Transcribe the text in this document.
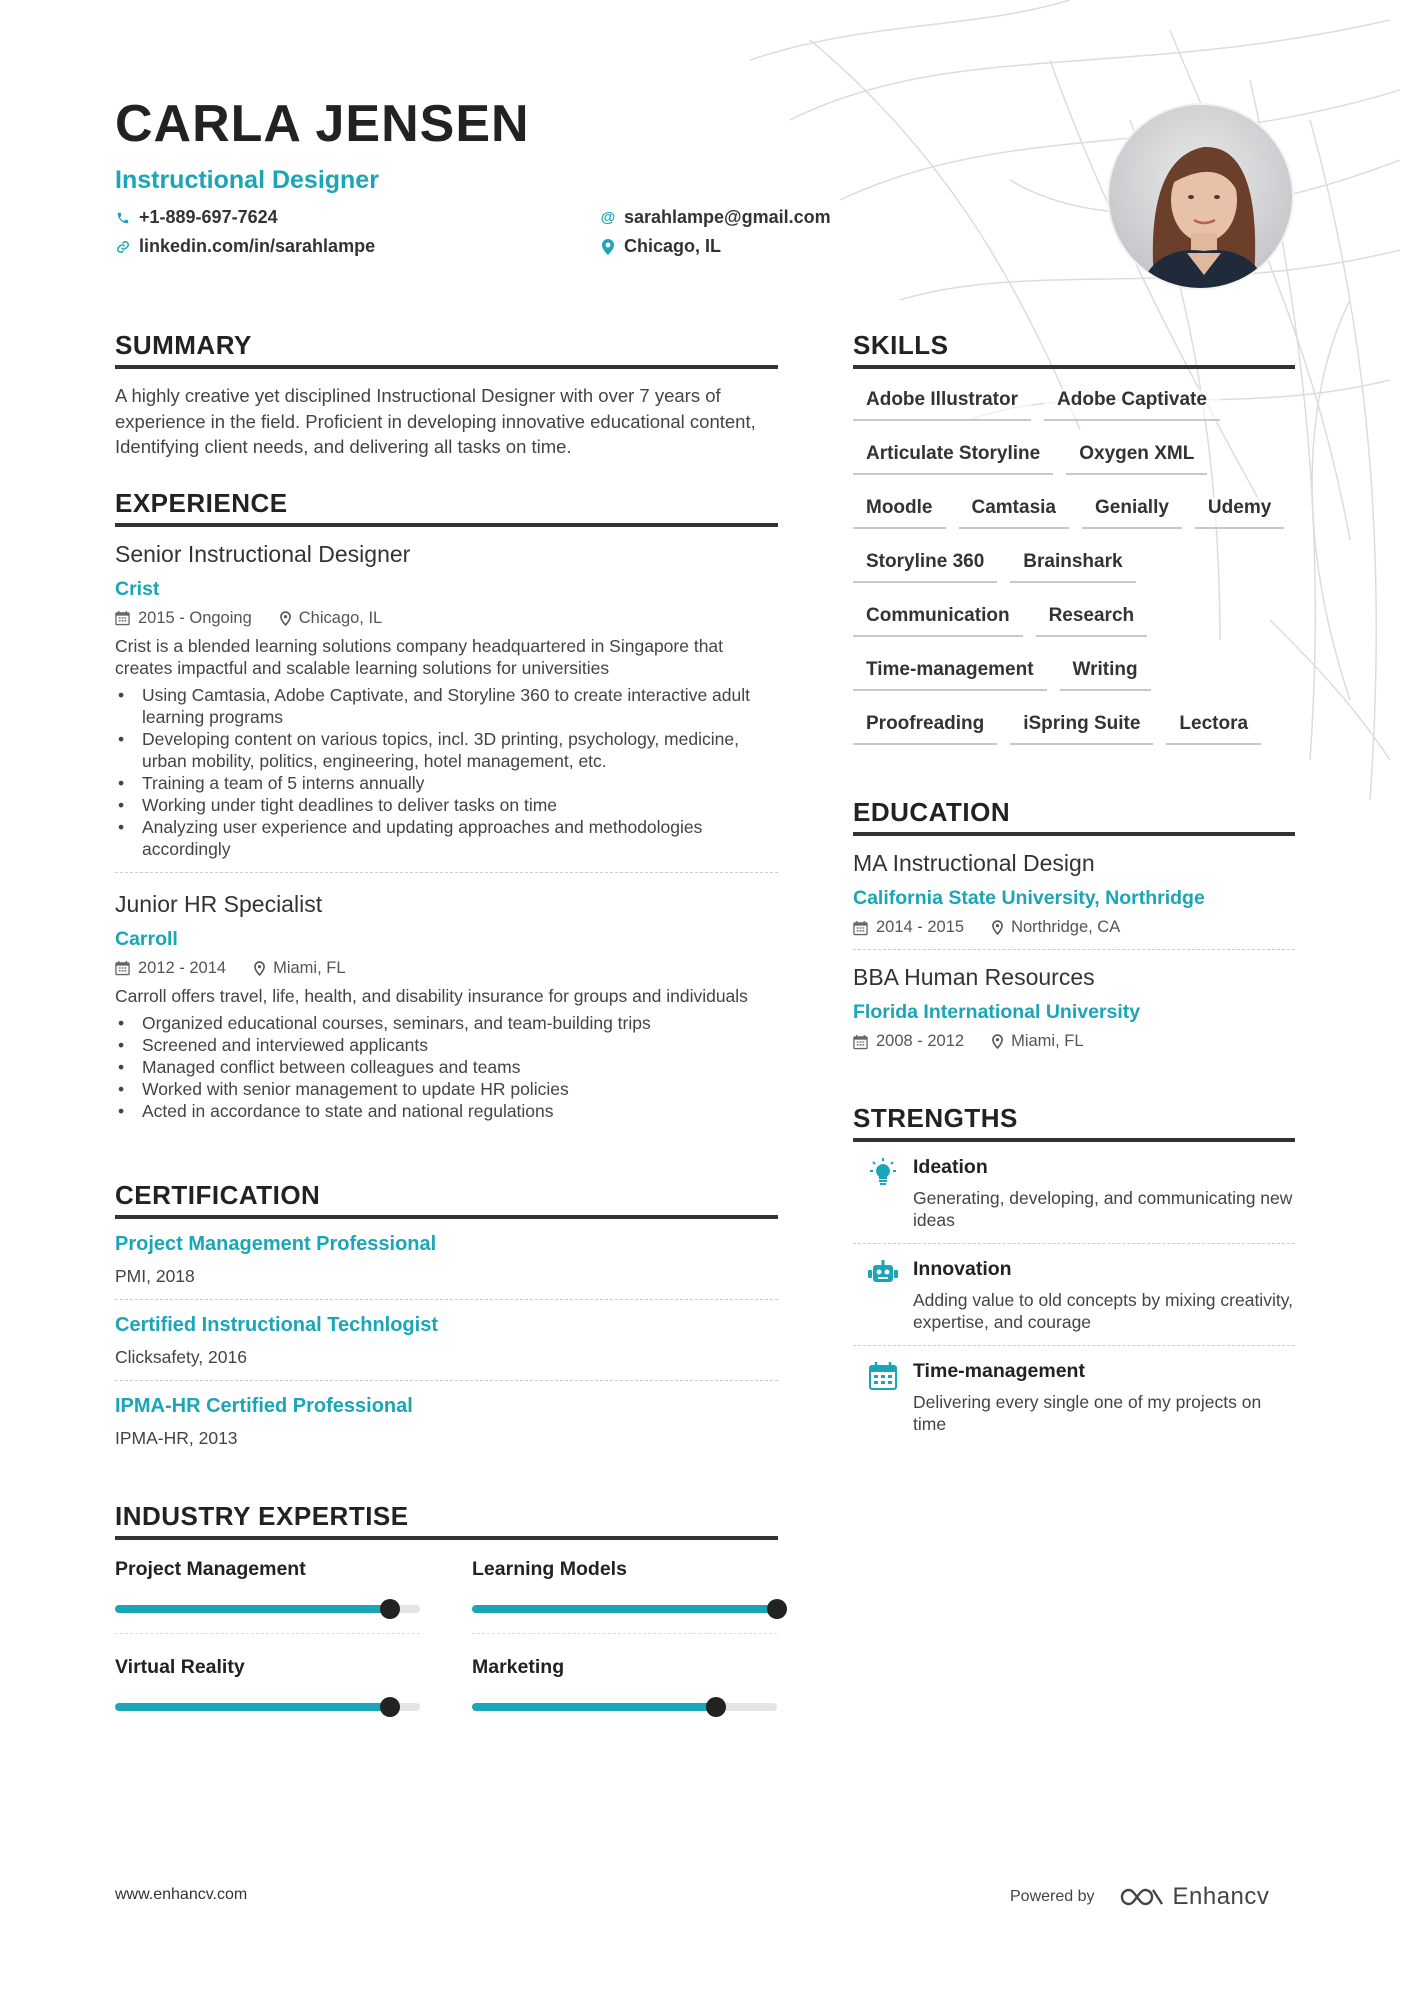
CARLA JENSEN
Instructional Designer
+1-889-697-7624	@ sarahlampe@gmail.com
linkedin.com/in/sarahlampe	Chicago, IL
SUMMARY

A highly creative yet disciplined Instructional Designer with over 7 years of experience in the field. Proficient in developing innovative educational content, Identifying client needs, and delivering all tasks on time.

EXPERIENCE
Senior Instructional Designer
Crist
2015 - Ongoing	Chicago, IL

Crist is a blended learning solutions company headquartered in Singapore that creates impactful and scalable learning solutions for universities

• Using Camtasia, Adobe Captivate, and Storyline 360 to create interactive adult learning programs
• Developing content on various topics, incl. 3D printing, psychology, medicine, urban mobility, politics, engineering, hotel management, etc.
• Training a team of 5 interns annually
• Working under tight deadlines to deliver tasks on time
• Analyzing user experience and updating approaches and methodologies accordingly
Junior HR Specialist
Carroll
2012 - 2014	Miami, FL

Carroll offers travel, life, health, and disability insurance for groups and individuals

• Organized educational courses, seminars, and team-building trips
• Screened and interviewed applicants
• Managed conflict between colleagues and teams
• Worked with senior management to update HR policies
• Acted in accordance to state and national regulations
CERTIFICATION
Project Management Professional
PMI, 2018
Certified Instructional Technlogist
Clicksafety, 2016
IPMA-HR Certified Professional
IPMA-HR, 2013
INDUSTRY EXPERTISE
Project Management	Learning Models
Virtual Reality	Marketing
SKILLS
Adobe Illustrator	Adobe Captivate
Articulate Storyline	Oxygen XML
Moodle	Camtasia	Genially	Udemy
Storyline 360	Brainshark
Communication	Research
Time-management	Writing
Proofreading	iSpring Suite	Lectora
EDUCATION
MA Instructional Design
California State University, Northridge
2014 - 2015	Northridge, CA
BBA Human Resources
Florida International University
2008 - 2012	Miami, FL
STRENGTHS
Ideation
Generating, developing, and communicating new ideas
Innovation
Adding value to old concepts by mixing creativity, expertise, and courage
Time-management
Delivering every single one of my projects on time
www.enhancv.com	Powered by	Enhancv
